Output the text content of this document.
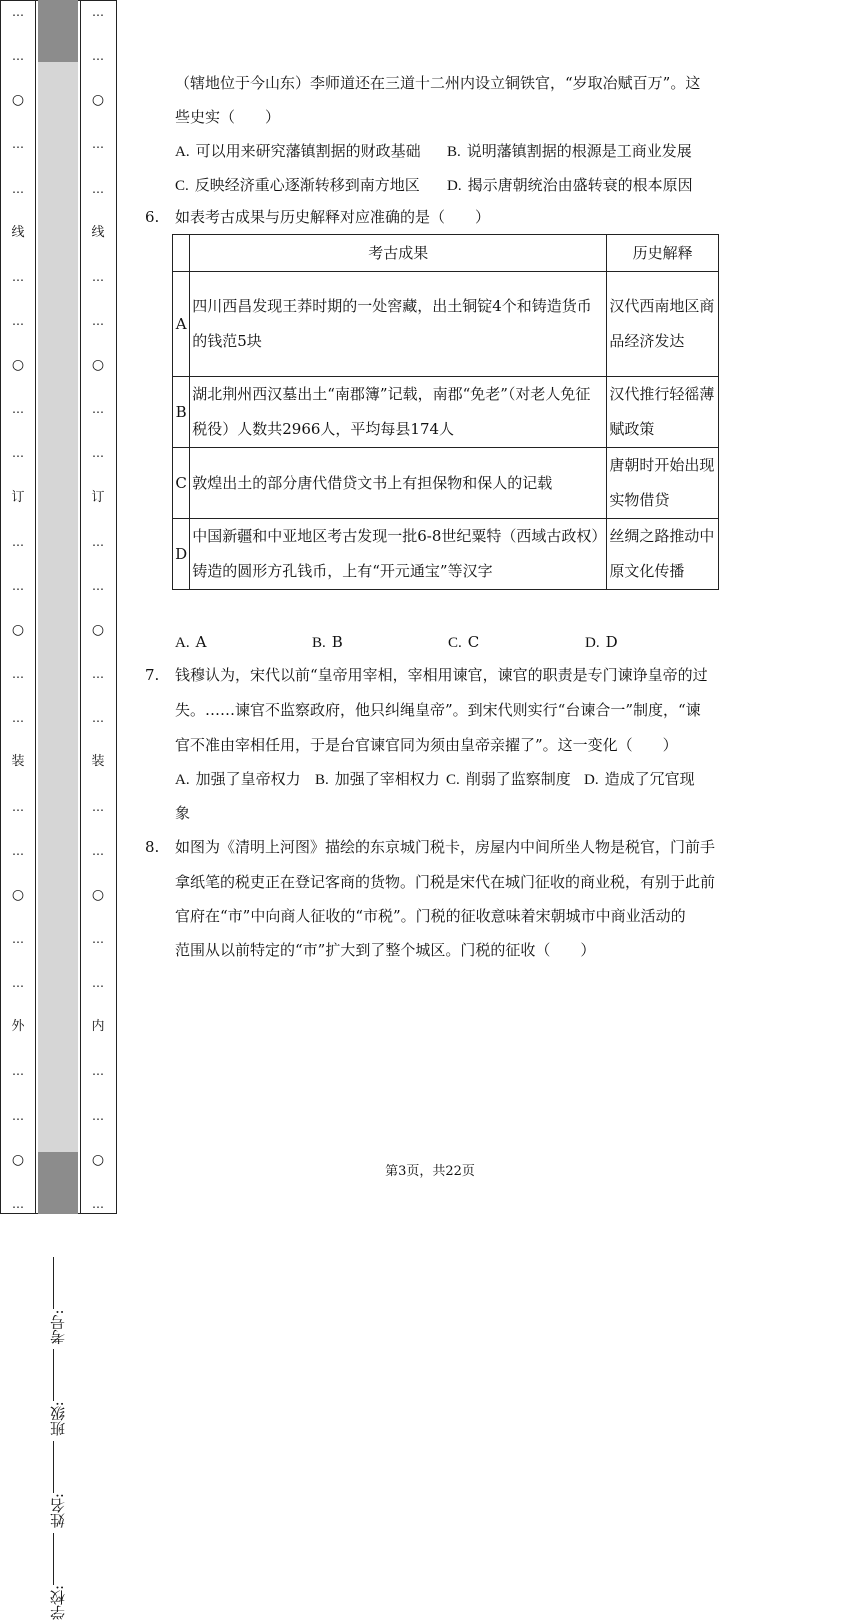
…
…
○
…
…
线
…
…
○
…
…
订
…
…
○
…
…
装
…
…
○
…
…
外
…
…
○
…
…
…
○
…
…
线
…
…
○
…
…
订
…
…
○
…
…
装
…
…
○
…
…
内
…
…
○
…
学校: 姓名: 班级: 考号:
（辖地位于今山东）李师道还在三道十二州内设立铜铁官，“岁取冶赋百万”。这
些史实（　　）
A. 可以用来研究藩镇割据的财政基础 B. 说明藩镇割据的根源是工商业发展
C. 反映经济重心逐渐转移到南方地区 D. 揭示唐朝统治由盛转衰的根本原因
6.	如表考古成果与历史解释对应准确的是（　　）
	考古成果	历史解释
A	四川西昌发现王莽时期的一处窖藏，出土铜锭4个和铸造货币的钱范5块	汉代西南地区商品经济发达
B	湖北荆州西汉墓出土“南郡簿”记载，南郡“免老”（对老人免征税役）人数共2966人，平均每县174人	汉代推行轻徭薄赋政策
C	敦煌出土的部分唐代借贷文书上有担保物和保人的记载	唐朝时开始出现实物借贷
D	中国新疆和中亚地区考古发现一批6-8世纪粟特（西域古政权）铸造的圆形方孔钱币，上有“开元通宝”等汉字	丝绸之路推动中原文化传播
A. A	B. B	C. C	D. D
7.	钱穆认为，宋代以前“皇帝用宰相，宰相用谏官，谏官的职责是专门谏诤皇帝的过
失。……谏官不监察政府，他只纠绳皇帝”。到宋代则实行“台谏合一”制度，“谏
官不准由宰相任用，于是台官谏官同为须由皇帝亲擢了”。这一变化（　　）
A. 加强了皇帝权力 B. 加强了宰相权力 C. 削弱了监察制度 D. 造成了冗官现
象
8.	如图为《清明上河图》描绘的东京城门税卡，房屋内中间所坐人物是税官，门前手
拿纸笔的税吏正在登记客商的货物。门税是宋代在城门征收的商业税，有别于此前
官府在“市”中向商人征收的“市税”。门税的征收意味着宋朝城市中商业活动的
范围从以前特定的“市”扩大到了整个城区。门税的征收（　　）
第3页，共22页
